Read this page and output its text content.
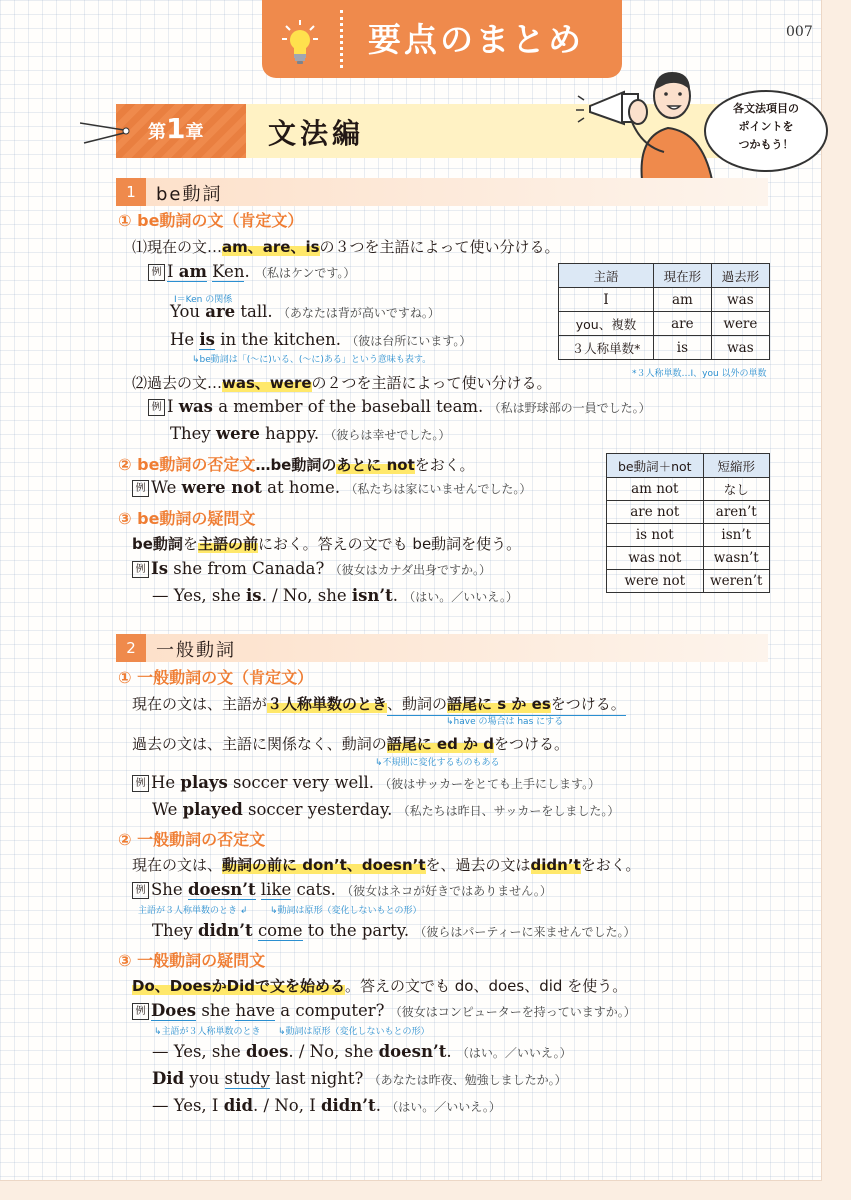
007
要点のまとめ
第1章 文法編
各文法項目の
ポイントを
つかもう！
1	be動詞
① be動詞の文（肯定文）
⑴現在の文…am、are、isの３つを主語によって使い分ける。
例 I am Ken. （私はケンです。）
I＝Ken の関係
You are tall. （あなたは背が高いですね。）
He is in the kitchen. （彼は台所にいます。）
↳be動詞は「(～に)いる、(～に)ある」という意味も表す。
⑵過去の文…was、wereの２つを主語によって使い分ける。
例 I was a member of the baseball team. （私は野球部の一員でした。）
They were happy. （彼らは幸せでした。）
② be動詞の否定文…be動詞のあとに notをおく。
例 We were not at home. （私たちは家にいませんでした。）
③ be動詞の疑問文
be動詞を主語の前におく。答えの文でも be動詞を使う。
例 Is she from Canada? （彼女はカナダ出身ですか。）
— Yes, she is. / No, she isn’t. （はい。／いいえ。）
主語	現在形	過去形
I	am	was
you、複数	are	were
３人称単数*	is	was
*３人称単数…I、you 以外の単数
be動詞＋not	短縮形
am not	なし
are not	aren’t
is not	isn’t
was not	wasn’t
were not	weren’t
2	一般動詞
① 一般動詞の文（肯定文）
現在の文は、主語が３人称単数のとき、動詞の語尾に s か esをつける。
↳have の場合は has にする
過去の文は、主語に関係なく、動詞の語尾に ed か dをつける。
↳不規則に変化するものもある
例 He plays soccer very well. （彼はサッカーをとても上手にします。）
We played soccer yesterday. （私たちは昨日、サッカーをしました。）
② 一般動詞の否定文
現在の文は、動詞の前に don’t、doesn’tを、過去の文はdidn’tをおく。
例 She doesn’t like cats. （彼女はネコが好きではありません。）
主語が３人称単数のとき ↲	↳動詞は原形（変化しないもとの形）
They didn’t come to the party. （彼らはパーティーに来ませんでした。）
③ 一般動詞の疑問文
Do、DoesかDidで文を始める。答えの文でも do、does、did を使う。
例 Does she have a computer? （彼女はコンピューターを持っていますか。）
↳主語が３人称単数のとき ↳動詞は原形（変化しないもとの形）
— Yes, she does. / No, she doesn’t. （はい。／いいえ。）
Did you study last night? （あなたは昨夜、勉強しましたか。）
— Yes, I did. / No, I didn’t. （はい。／いいえ。）
